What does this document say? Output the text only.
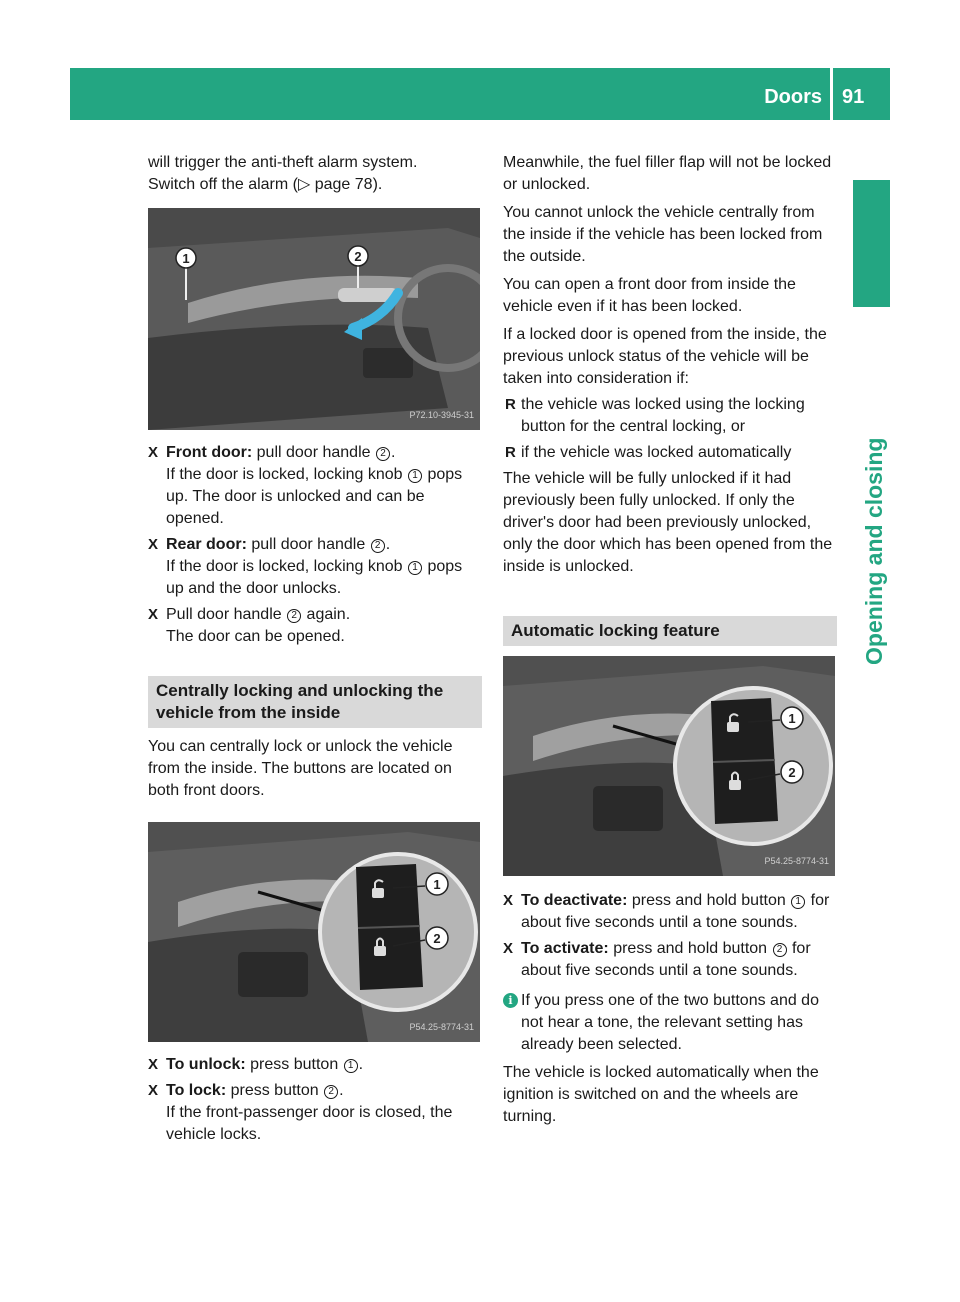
Doors 91
Opening and closing

will trigger the anti-theft alarm system.

Switch off the alarm (▷ page 78).

1	2
P72.10-3945-31
X Front door: pull door handle 2 .

If the door is locked, locking knob 1 pops up. The door is unlocked and can be opened.

X Rear door: pull door handle 2 .

If the door is locked, locking knob 1 pops up and the door unlocks.

X Pull door handle 2 again.

The door can be opened.

Centrally locking and unlocking the vehicle from the inside

You can centrally lock or unlock the vehicle from the inside. The buttons are located on both front doors.

1
2
P54.25-8774-31
X To unlock: press button 1 .

X To lock: press button 2 .

If the front-passenger door is closed, the vehicle locks.

Meanwhile, the fuel filler flap will not be locked or unlocked.

You cannot unlock the vehicle centrally from the inside if the vehicle has been locked from the outside.

You can open a front door from inside the vehicle even if it has been locked.

If a locked door is opened from the inside, the previous unlock status of the vehicle will be taken into consideration if:

R the vehicle was locked using the locking button for the central locking, or

R if the vehicle was locked automatically

The vehicle will be fully unlocked if it had previously been fully unlocked. If only the driver's door had been previously unlocked, only the door which has been opened from the inside is unlocked.

Automatic locking feature
1
2
P54.25-8774-31
X To deactivate: press and hold button 1 for about five seconds until a tone sounds.

X To activate: press and hold button 2 for about five seconds until a tone sounds.

i If you press one of the two buttons and do not hear a tone, the relevant setting has already been selected.

The vehicle is locked automatically when the ignition is switched on and the wheels are turning.
